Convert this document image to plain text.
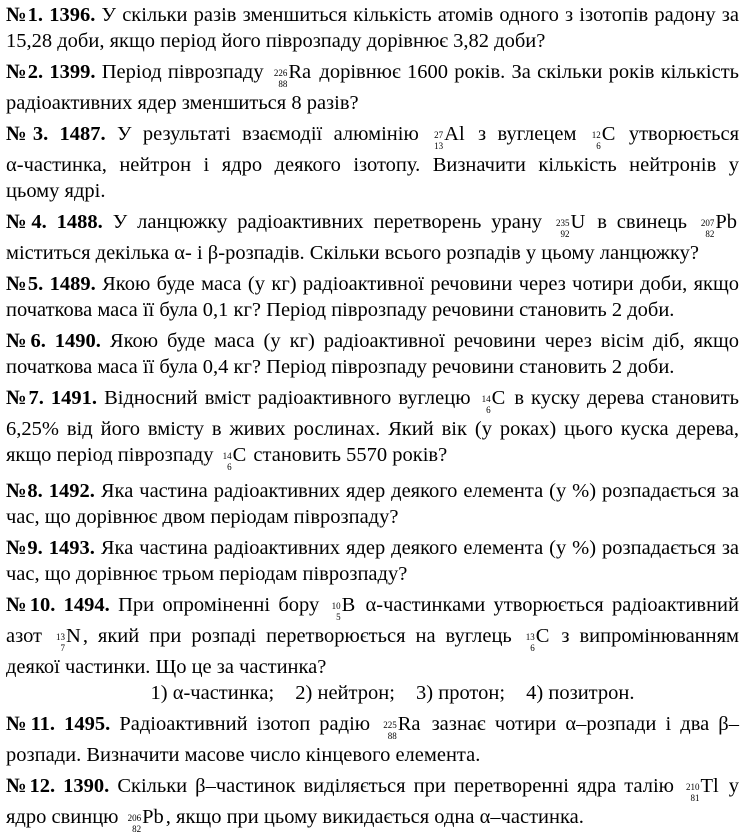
№1. 1396. У скільки разів зменшиться кількість атомів одного з ізотопів радону за
15,28 доби, якщо період його піврозпаду дорівнює 3,82 доби?
№2. 1399. Період піврозпаду 226
88
Ra дорівнює 1600 років. За скільки років кількість
радіоактивних ядер зменшиться 8 разів?
№3. 1487. У результаті взаємодії алюмінію 27
13
Al з вуглецем 12
6
C утворюється
α-частинка, нейтрон і ядро деякого ізотопу. Визначити кількість нейтронів у
цьому ядрі.
№4. 1488. У ланцюжку радіоактивних перетворень урану 235
92
U в свинець 207
82
Pb
міститься декілька α- і β-розпадів. Скільки всього розпадів у цьому ланцюжку?
№5. 1489. Якою буде маса (у кг) радіоактивної речовини через чотири доби, якщо
початкова маса її була 0,1 кг? Період піврозпаду речовини становить 2 доби.
№6. 1490. Якою буде маса (у кг) радіоактивної речовини через вісім діб, якщо
початкова маса її була 0,4 кг? Період піврозпаду речовини становить 2 доби.
№7. 1491. Відносний вміст радіоактивного вуглецю 14
6
C в куску дерева становить
6,25% від його вмісту в живих рослинах. Який вік (у роках) цього куска дерева,
якщо період піврозпаду 14
6
C становить 5570 років?
№8. 1492. Яка частина радіоактивних ядер деякого елемента (у %) розпадається за
час, що дорівнює двом періодам піврозпаду?
№9. 1493. Яка частина радіоактивних ядер деякого елемента (у %) розпадається за
час, що дорівнює трьом періодам піврозпаду?
№10. 1494. При опроміненні бору 10
5
B α-частинками утворюється радіоактивний
азот 13
7
N, який при розпаді перетворюється на вуглець 13
6
C з випромінюванням
деякої частинки. Що це за частинка?
1) α-частинка; 2) нейтрон; 3) протон; 4) позитрон.
№11. 1495. Радіоактивний ізотоп радію 225
88
Ra зазнає чотири α–розпади і два β–
розпади. Визначити масове число кінцевого елемента.
№12. 1390. Скільки β–частинок виділяється при перетворенні ядра талію 210
81
Tl у
ядро свинцю 206
82
Pb, якщо при цьому викидається одна α–частинка.
